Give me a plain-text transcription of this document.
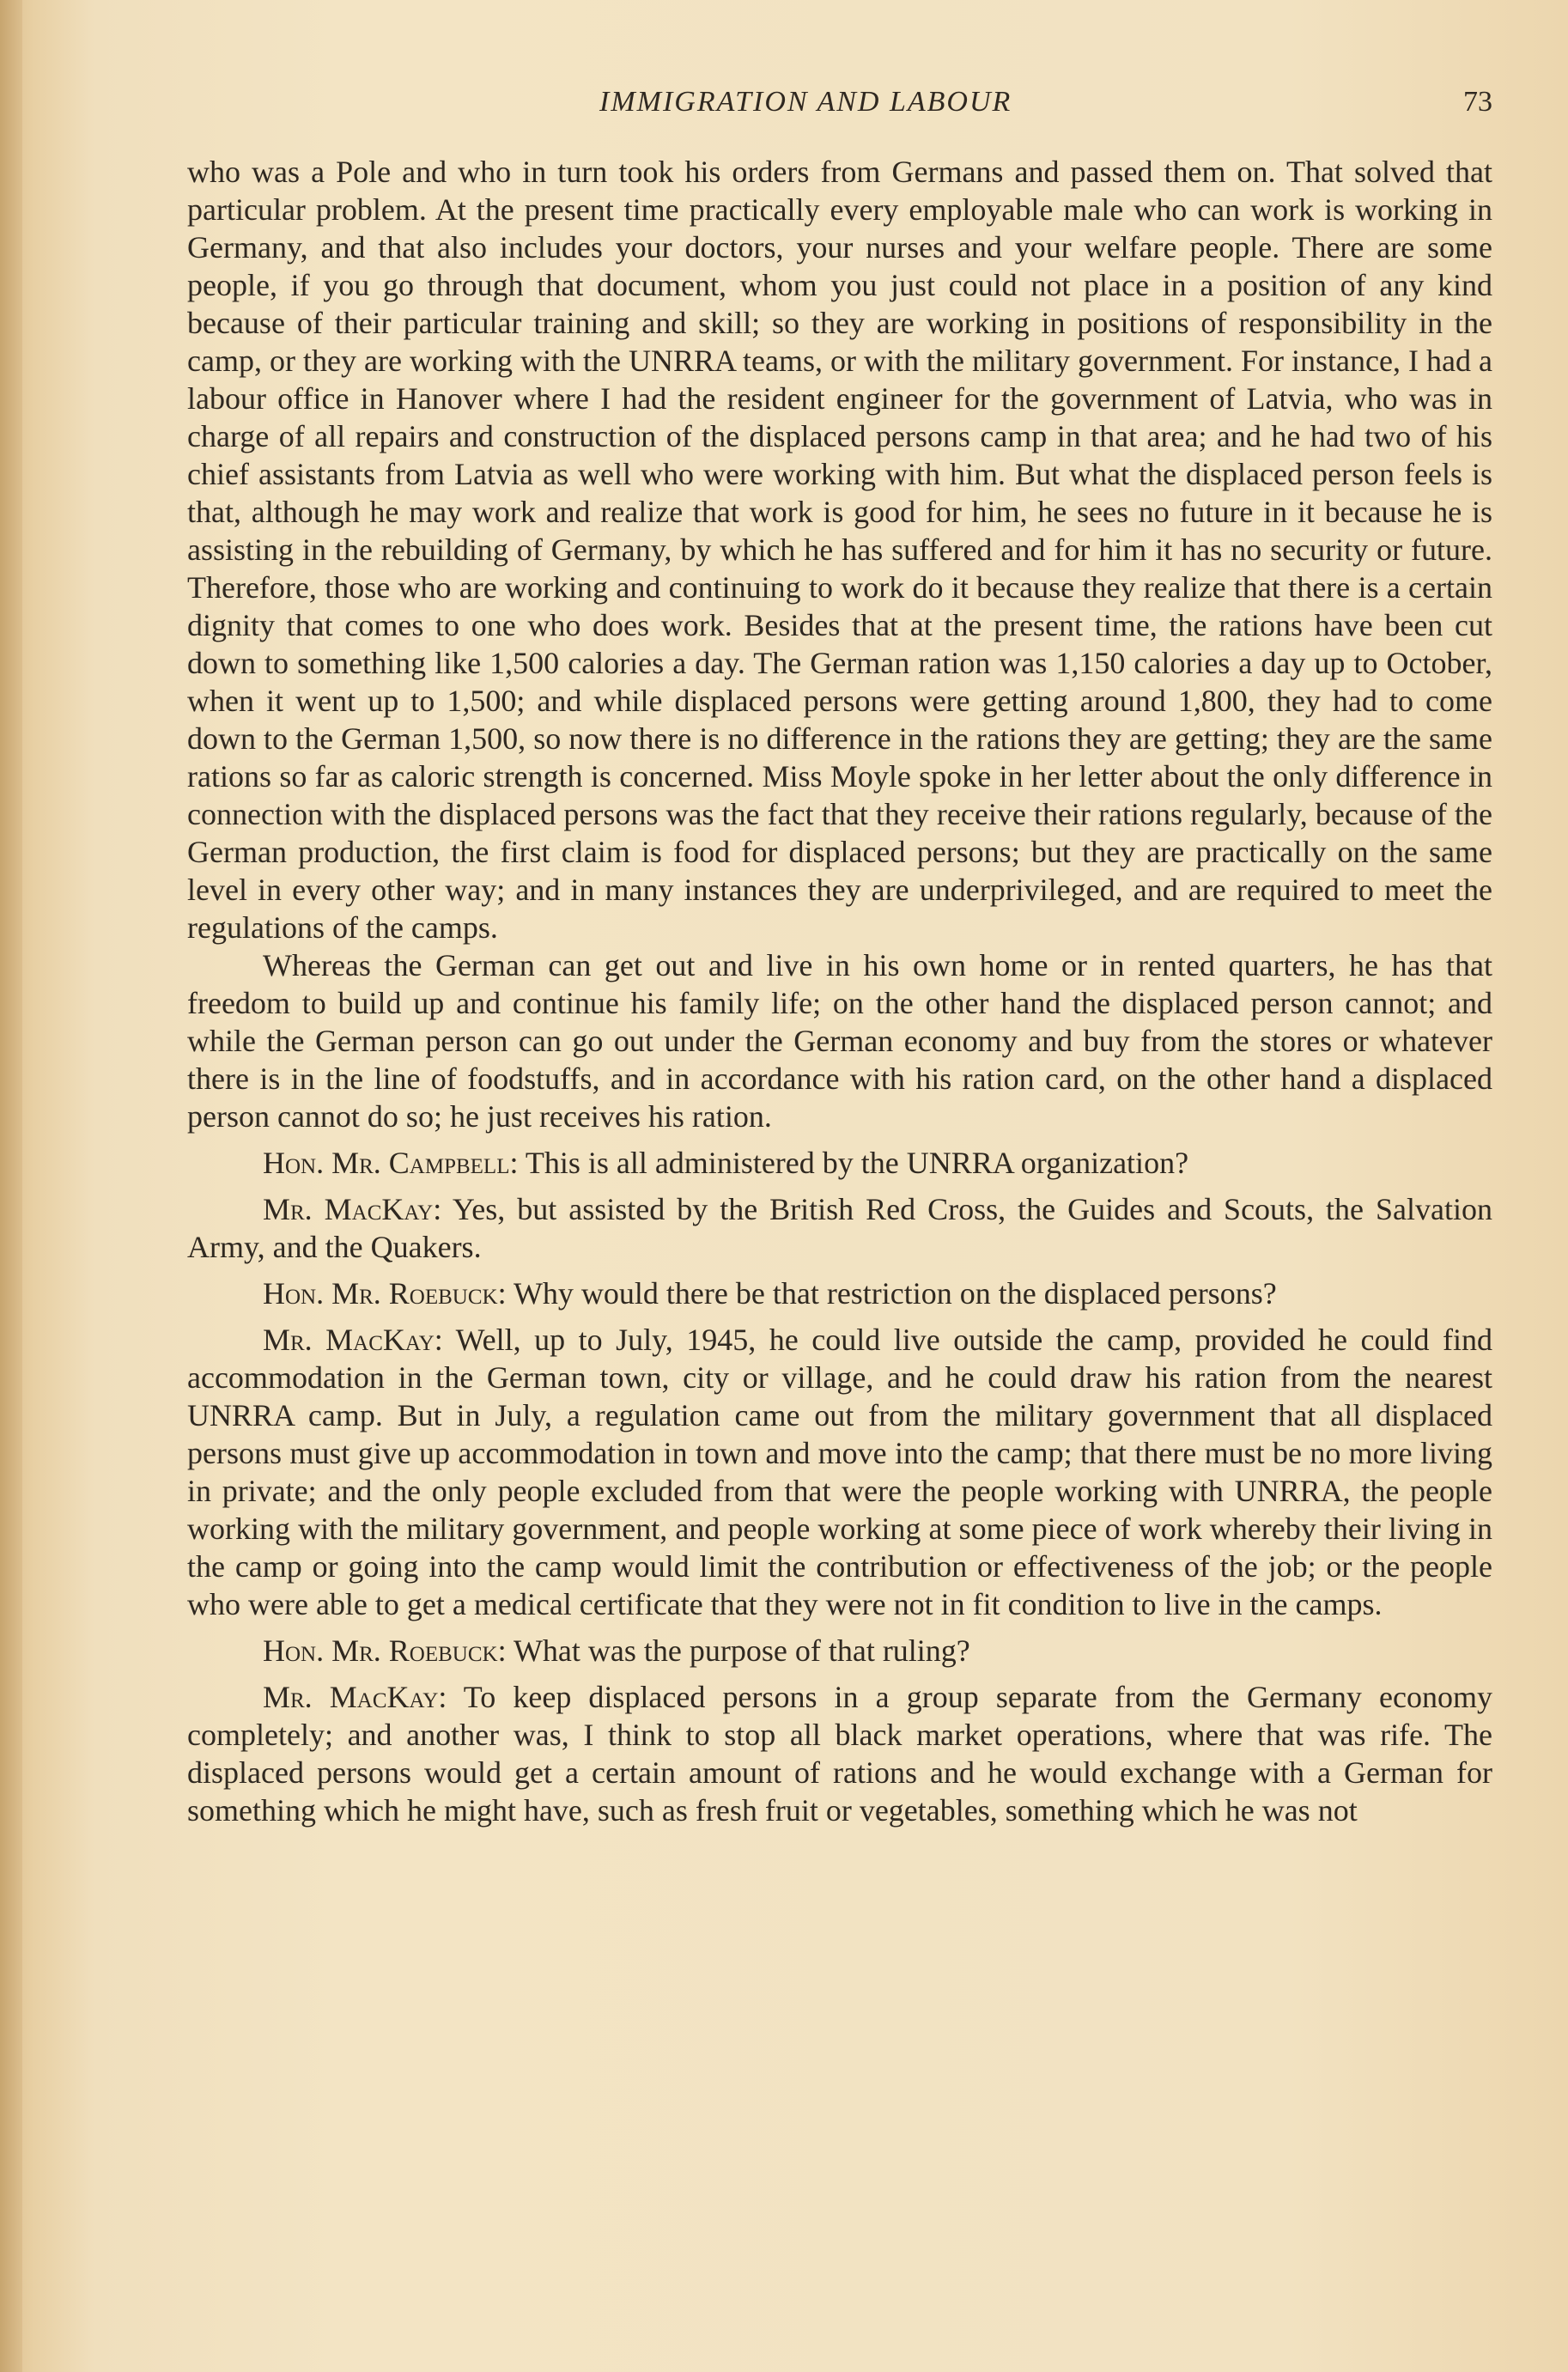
IMMIGRATION AND LABOUR	73

who was a Pole and who in turn took his orders from Germans and passed them on. That solved that particular problem. At the present time practically every employable male who can work is working in Germany, and that also includes your doctors, your nurses and your welfare people. There are some people, if you go through that document, whom you just could not place in a position of any kind because of their particular training and skill; so they are working in positions of responsibility in the camp, or they are working with the UNRRA teams, or with the military government. For instance, I had a labour office in Hanover where I had the resident engineer for the government of Latvia, who was in charge of all repairs and construction of the displaced persons camp in that area; and he had two of his chief assistants from Latvia as well who were working with him. But what the displaced person feels is that, although he may work and realize that work is good for him, he sees no future in it because he is assisting in the rebuilding of Germany, by which he has suffered and for him it has no security or future. Therefore, those who are working and continuing to work do it because they realize that there is a certain dignity that comes to one who does work. Besides that at the present time, the rations have been cut down to something like 1,500 calories a day. The German ration was 1,150 calories a day up to October, when it went up to 1,500; and while displaced persons were getting around 1,800, they had to come down to the German 1,500, so now there is no difference in the rations they are getting; they are the same rations so far as caloric strength is concerned. Miss Moyle spoke in her letter about the only difference in connection with the displaced persons was the fact that they receive their rations regularly, because of the German production, the first claim is food for displaced persons; but they are practically on the same level in every other way; and in many instances they are underprivileged, and are required to meet the regulations of the camps.

Whereas the German can get out and live in his own home or in rented quarters, he has that freedom to build up and continue his family life; on the other hand the displaced person cannot; and while the German person can go out under the German economy and buy from the stores or whatever there is in the line of foodstuffs, and in accordance with his ration card, on the other hand a displaced person cannot do so; he just receives his ration.

Hon. Mr. Campbell: This is all administered by the UNRRA organization?

Mr. MacKay: Yes, but assisted by the British Red Cross, the Guides and Scouts, the Salvation Army, and the Quakers.

Hon. Mr. Roebuck: Why would there be that restriction on the displaced persons?

Mr. MacKay: Well, up to July, 1945, he could live outside the camp, provided he could find accommodation in the German town, city or village, and he could draw his ration from the nearest UNRRA camp. But in July, a regulation came out from the military government that all displaced persons must give up accommodation in town and move into the camp; that there must be no more living in private; and the only people excluded from that were the people working with UNRRA, the people working with the military government, and people working at some piece of work whereby their living in the camp or going into the camp would limit the contribution or effectiveness of the job; or the people who were able to get a medical certificate that they were not in fit condition to live in the camps.

Hon. Mr. Roebuck: What was the purpose of that ruling?

Mr. MacKay: To keep displaced persons in a group separate from the Germany economy completely; and another was, I think to stop all black market operations, where that was rife. The displaced persons would get a certain amount of rations and he would exchange with a German for something which he might have, such as fresh fruit or vegetables, something which he was not
